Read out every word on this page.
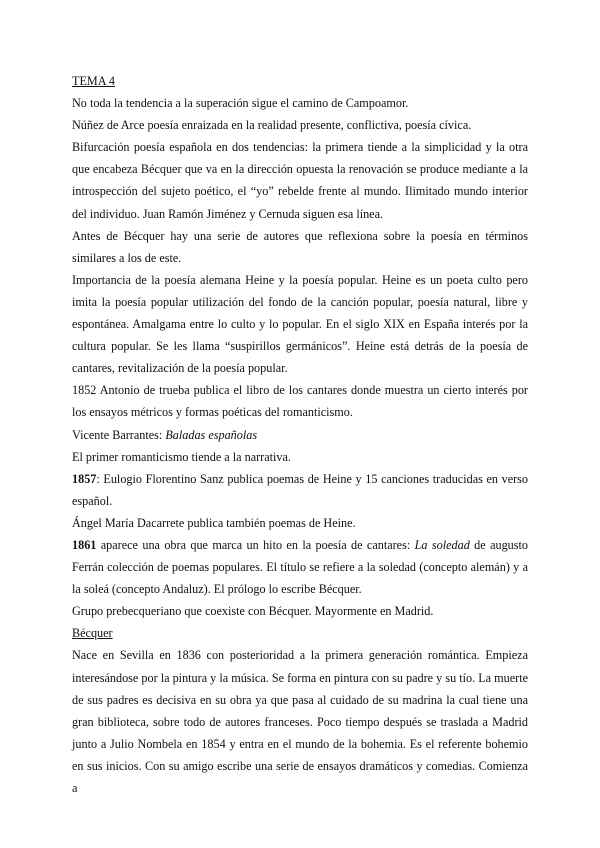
TEMA 4

No toda la tendencia a la superación sigue el camino de Campoamor.

Núñez de Arce poesía enraizada en la realidad presente, conflictiva, poesía cívica.

Bifurcación poesía española en dos tendencias: la primera tiende a la simplicidad y la otra que encabeza Bécquer que va en la dirección opuesta la renovación se produce mediante a la introspección del sujeto poético, el “yo” rebelde frente al mundo. Ilimitado mundo interior del individuo. Juan Ramón Jiménez y Cernuda siguen esa línea.

Antes de Bécquer hay una serie de autores que reflexiona sobre la poesía en términos similares a los de este.

Importancia de la poesía alemana Heine y la poesía popular. Heine es un poeta culto pero imita la poesía popular utilización del fondo de la canción popular, poesía natural, libre y espontánea. Amalgama entre lo culto y lo popular. En el siglo XIX en España interés por la cultura popular. Se les llama “suspirillos germánicos”. Heine está detrás de la poesía de cantares, revitalización de la poesía popular.

1852 Antonio de trueba publica el libro de los cantares donde muestra un cierto interés por los ensayos métricos y formas poéticas del romanticismo.

Vicente Barrantes: Baladas españolas

El primer romanticismo tiende a la narrativa.

1857: Eulogio Florentino Sanz publica poemas de Heine y 15 canciones traducidas en verso español.

Ángel María Dacarrete publica también poemas de Heine.

1861 aparece una obra que marca un hito en la poesía de cantares: La soledad de augusto Ferrán colección de poemas populares. El título se refiere a la soledad (concepto alemán) y a la soleá (concepto Andaluz). El prólogo lo escribe Bécquer.

Grupo prebecqueriano que coexiste con Bécquer. Mayormente en Madrid.

Bécquer

Nace en Sevilla en 1836 con posterioridad a la primera generación romántica. Empieza interesándose por la pintura y la música. Se forma en pintura con su padre y su tío. La muerte de sus padres es decisiva en su obra ya que pasa al cuidado de su madrina la cual tiene una gran biblioteca, sobre todo de autores franceses. Poco tiempo después se traslada a Madrid junto a Julio Nombela en 1854 y entra en el mundo de la bohemia. Es el referente bohemio en sus inicios. Con su amigo escribe una serie de ensayos dramáticos y comedias. Comienza a
